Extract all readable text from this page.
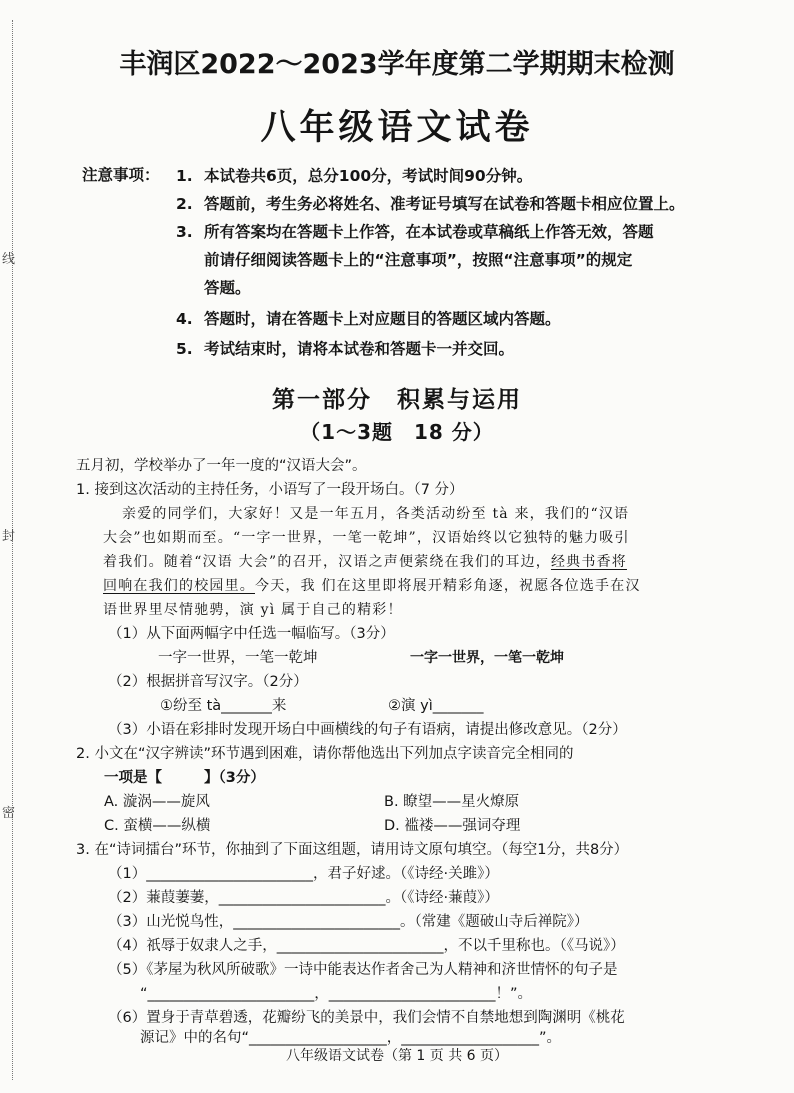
线
封
密
丰润区2022～2023学年度第二学期期末检测
八年级语文试卷
注意事项： 1. 本试卷共6页，总分100分，考试时间90分钟。
2. 答题前，考生务必将姓名、准考证号填写在试卷和答题卡相应位置上。
3. 所有答案均在答题卡上作答，在本试卷或草稿纸上作答无效，答题
前请仔细阅读答题卡上的“注意事项”，按照“注意事项”的规定
答题。
4. 答题时，请在答题卡上对应题目的答题区域内答题。
5. 考试结束时，请将本试卷和答题卡一并交回。
第一部分　积累与运用
（1～3题　18 分）
五月初，学校举办了一年一度的“汉语大会”。
1. 接到这次活动的主持任务，小语写了一段开场白。（7 分）
亲爱的同学们，大家好！又是一年五月，各类活动纷至 tà 来，我们的“汉语
大会”也如期而至。“一字一世界，一笔一乾坤”，汉语始终以它独特的魅力吸引
着我们。随着“汉语 大会”的召开，汉语之声便萦绕在我们的耳边，经典书香将
回响在我们的校园里。今天，我 们在这里即将展开精彩角逐，祝愿各位选手在汉
语世界里尽情驰骋，演 yì 属于自己的精彩！
（1）从下面两幅字中任选一幅临写。（3分）
一字一世界，一笔一乾坤	一字一世界，一笔一乾坤
（2）根据拼音写汉字。（2分）
①纷至 tà_______来	②演 yì_______
（3）小语在彩排时发现开场白中画横线的句子有语病，请提出修改意见。（2分）
2. 小文在“汉字辨读”环节遇到困难，请你帮他选出下列加点字读音完全相同的
一项是【	】（3分）
A. 漩涡——旋风	B. 瞭望——星火燎原
C. 蛮横——纵横	D. 褴褛——强词夺理
3. 在“诗词擂台”环节，你抽到了下面这组题，请用诗文原句填空。（每空1分，共8分）
（1）_______________________，君子好逑。（《诗经·关雎》）
（2）蒹葭萋萋，_______________________。（《诗经·蒹葭》）
（3）山光悦鸟性，_______________________。（常建《题破山寺后禅院》）
（4）祇辱于奴隶人之手，_______________________，不以千里称也。（《马说》）
（5）《茅屋为秋风所破歌》一诗中能表达作者舍己为人精神和济世情怀的句子是
“_______________________，_______________________！”。
（6）置身于青草碧透，花瓣纷飞的美景中，我们会情不自禁地想到陶渊明《桃花
源记》中的名句“___________________，___________________”。
八年级语文试卷（第 1 页 共 6 页）
